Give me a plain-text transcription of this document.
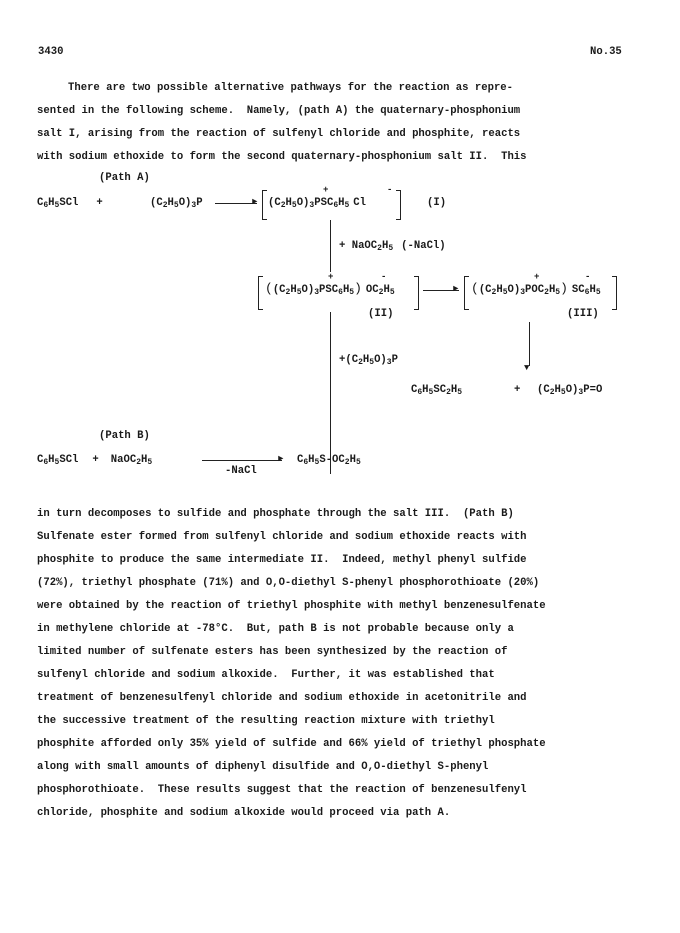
3430	No.35
There are two possible alternative pathways for the reaction as repre-
sented in the following scheme.  Namely, (path A) the quaternary-phosphonium
salt I, arising from the reaction of sulfenyl chloride and phosphite, reacts
with sodium ethoxide to form the second quaternary-phosphonium salt II.  This
(Path A)
C6H5SCl +	(C2H5O)3P	► (C2H5O)3PSC6H5 Cl
+	-
(I)
+ NaOC2H5 (-NaCl)
((C2H5O)3PSC6H5) OC2H5
+	-
(II)
► ((C2H5O)3POC2H5) SC6H5
+	-
(III)
+(C2H5O)3P
▼
C6H5SC2H5	+ (C2H5O)3P=O
(Path B)
C6H5SCl + NaOC2H5	►
-NaCl
C6H5S-OC2H5
in turn decomposes to sulfide and phosphate through the salt III.  (Path B)
Sulfenate ester formed from sulfenyl chloride and sodium ethoxide reacts with
phosphite to produce the same intermediate II.  Indeed, methyl phenyl sulfide
(72%), triethyl phosphate (71%) and O,O-diethyl S-phenyl phosphorothioate (20%)
were obtained by the reaction of triethyl phosphite with methyl benzenesulfenate
in methylene chloride at -78°C.  But, path B is not probable because only a
limited number of sulfenate esters has been synthesized by the reaction of
sulfenyl chloride and sodium alkoxide.  Further, it was established that
treatment of benzenesulfenyl chloride and sodium ethoxide in acetonitrile and
the successive treatment of the resulting reaction mixture with triethyl
phosphite afforded only 35% yield of sulfide and 66% yield of triethyl phosphate
along with small amounts of diphenyl disulfide and O,O-diethyl S-phenyl
phosphorothioate.  These results suggest that the reaction of benzenesulfenyl
chloride, phosphite and sodium alkoxide would proceed via path A.
